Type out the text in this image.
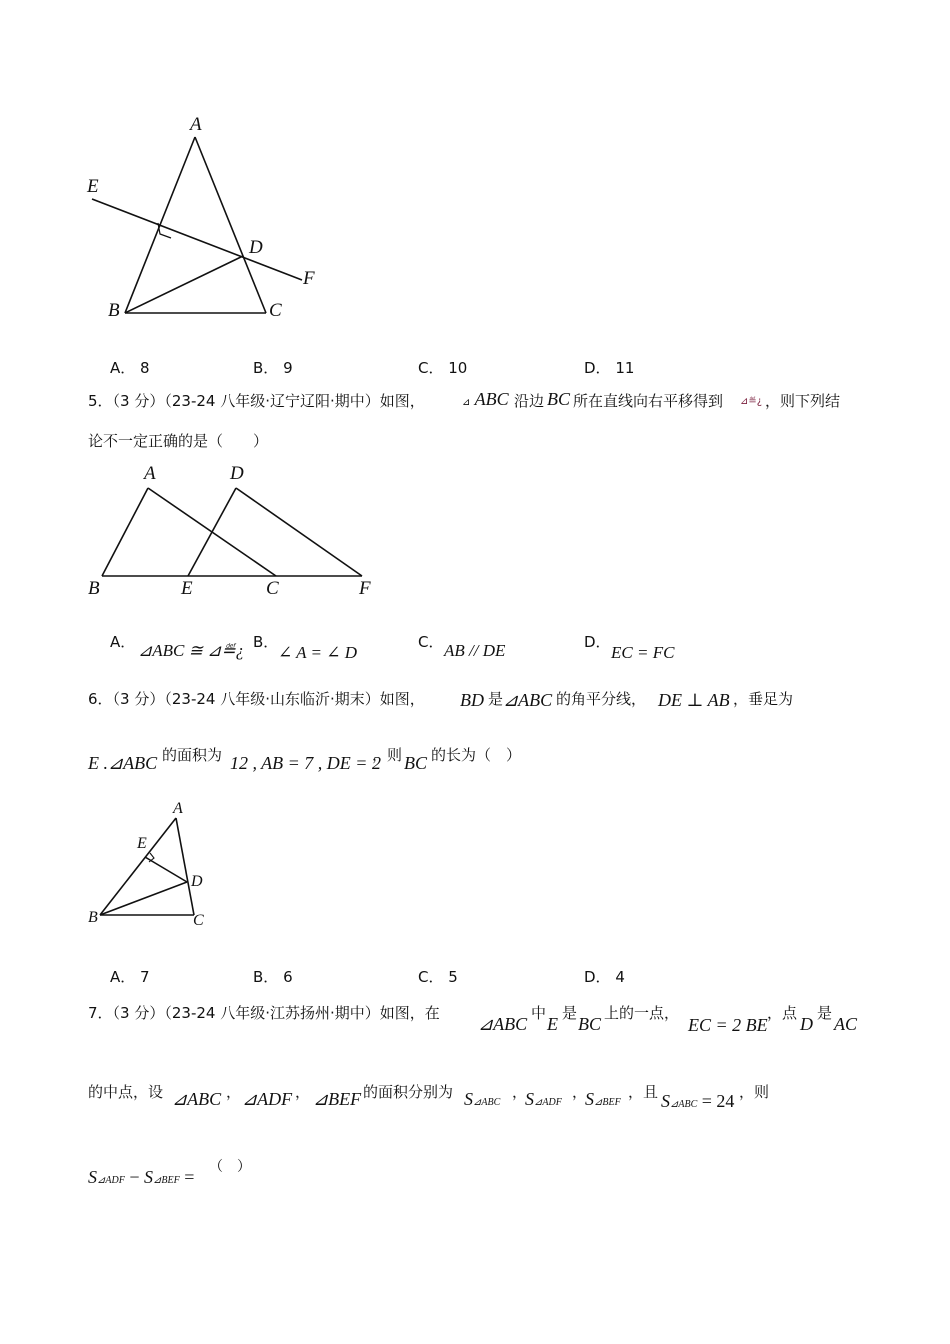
A
E
D
F
B	C
A． 8	B． 9	C． 10	D． 11
5．（3 分）（23-24 八年级·辽宁辽阳·期中）如图，	⊿ ABC 沿边 BC 所在直线向右平移得到 ⊿≝¿ ，则下列结
论不一定正确的是（　　）
A	D
B	E	C	F
A． ⊿ABC ≅ ⊿≝¿ B．
∠ A = ∠ D
C． AB // DE	D．
EC = FC
6．（3 分）（23-24 八年级·山东临沂·期末）如图， BD 是 ⊿ABC 的角平分线， DE ⊥ AB ，垂足为
E . ⊿ABC 的面积为 12 , AB = 7 , DE = 2
，则 BC 的长为（　）
A
E
D
B	C
A． 7	B． 6	C． 5	D． 4
7．（3 分）（23-24 八年级·江苏扬州·期中）如图，在
⊿ABC
中
E
是
BC
上的一点，
EC = 2 BE
，点
D
是
AC
的中点，设 ⊿ABC ， ⊿ADF ， ⊿BEF 的面积分别为 S⊿ABC
，
S⊿ADF
，
S⊿BEF
，且 S⊿ABC = 24 ，则
S⊿ADF − S⊿BEF = （　）
